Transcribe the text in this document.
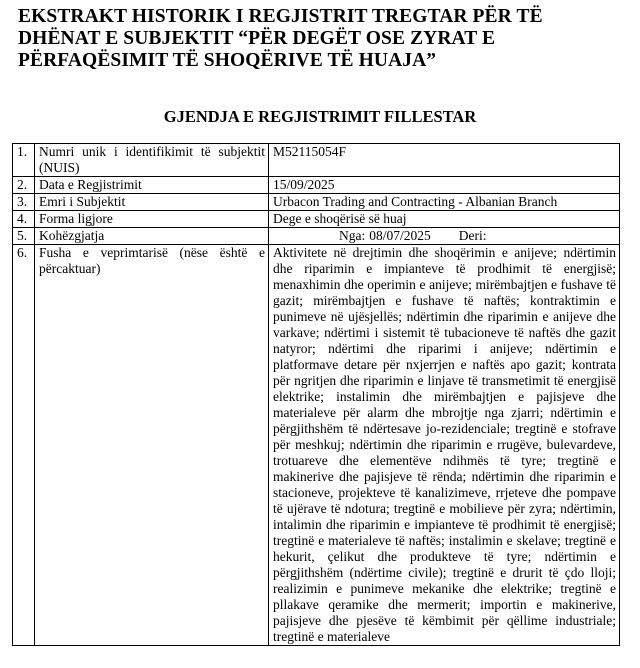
EKSTRAKT HISTORIK I REGJISTRIT TREGTAR PËR TË
DHËNAT E SUBJEKTIT “PËR DEGËT OSE ZYRAT E
PËRFAQËSIMIT TË SHOQËRIVE TË HUAJA”
GJENDJA E REGJISTRIMIT FILLESTAR
1.	Numri unik i identifikimit të subjektit (NUIS)	M52115054F
2.	Data e Regjistrimit	15/09/2025
3.	Emri i Subjektit	Urbacon Trading and Contracting - Albanian Branch
4.	Forma ligjore	Dege e shoqërisë së huaj
5.	Kohëzgjatja	Nga: 08/07/2025 Deri:

6.	Fusha e veprimtarisë (nëse është e përcaktuar)	Aktivitete në drejtimin dhe shoqërimin e anijeve; ndërtimin dhe riparimin e impianteve të prodhimit të energjisë; menaxhimin dhe operimin e anijeve; mirëmbajtjen e fushave të gazit; mirëmbajtjen e fushave të naftës; kontraktimin e punimeve në ujësjellës; ndërtimin dhe riparimin e anijeve dhe varkave; ndërtimi i sistemit të tubacioneve të naftës dhe gazit natyror; ndërtimi dhe riparimi i anijeve; ndërtimin e platformave detare për nxjerrjen e naftës apo gazit; kontrata për ngritjen dhe riparimin e linjave të transmetimit të energjisë elektrike; instalimin dhe mirëmbajtjen e pajisjeve dhe materialeve për alarm dhe mbrojtje nga zjarri; ndërtimin e përgjithshëm të ndërtesave jo-rezidenciale; tregtinë e stofrave për meshkuj; ndërtimin dhe riparimin e rrugëve, bulevardeve, trotuareve dhe elementëve ndihmës të tyre; tregtinë e makinerive dhe pajisjeve të rënda; ndërtimin dhe riparimin e stacioneve, projekteve të kanalizimeve, rrjeteve dhe pompave të ujërave të ndotura; tregtinë e mobilieve për zyra; ndërtimin, intalimin dhe riparimin e impianteve të prodhimit të energjisë; tregtinë e materialeve të naftës; instalimin e skelave; tregtinë e hekurit, çelikut dhe produkteve të tyre; ndërtimin e përgjithshëm (ndërtime civile); tregtinë e drurit të çdo lloji; realizimin e punimeve mekanike dhe elektrike; tregtinë e pllakave qeramike dhe mermerit; importin e makinerive, pajisjeve dhe pjesëve të këmbimit për qëllime industriale; tregtinë e materialeve
